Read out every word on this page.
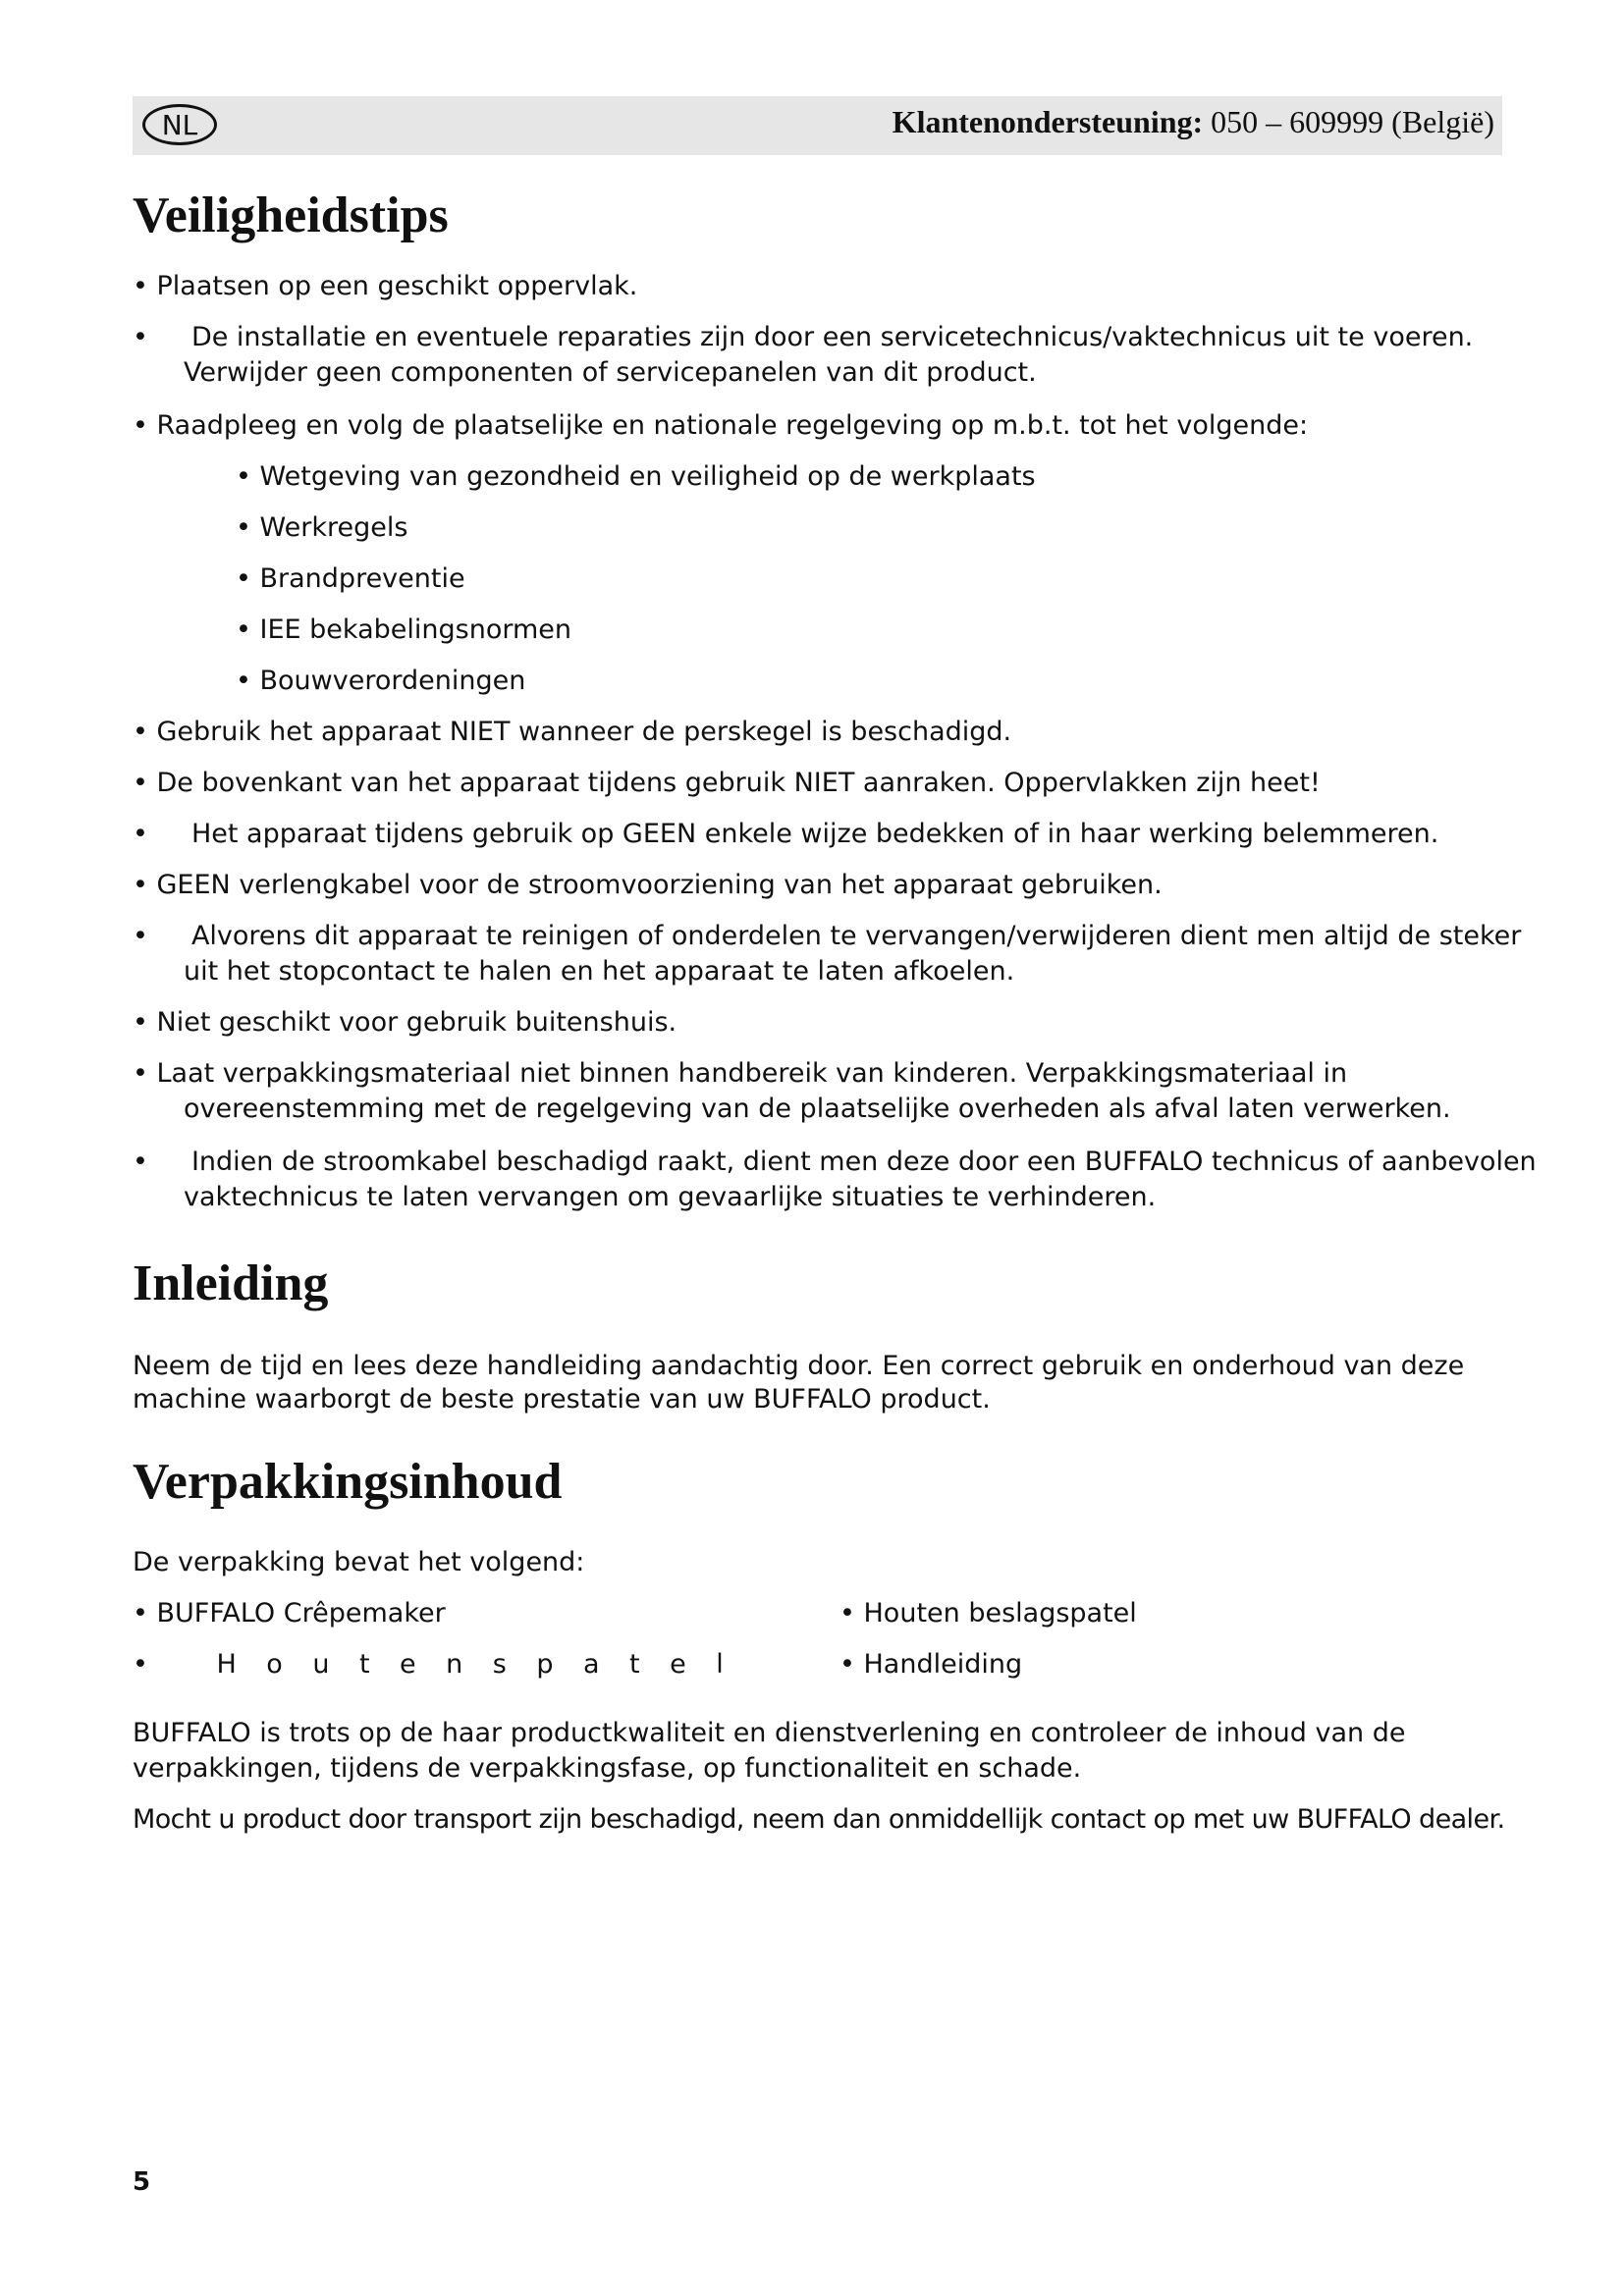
NL	Klantenondersteuning: 050 – 609999 (België)
Veiligheidstips
• Plaatsen op een geschikt oppervlak.
• De installatie en eventuele reparaties zijn door een servicetechnicus/vaktechnicus uit te voeren.
Verwijder geen componenten of servicepanelen van dit product.
• Raadpleeg en volg de plaatselijke en nationale regelgeving op m.b.t. tot het volgende:
• Wetgeving van gezondheid en veiligheid op de werkplaats
• Werkregels
• Brandpreventie
• IEE bekabelingsnormen
• Bouwverordeningen
• Gebruik het apparaat NIET wanneer de perskegel is beschadigd.
• De bovenkant van het apparaat tijdens gebruik NIET aanraken. Oppervlakken zijn heet!
• Het apparaat tijdens gebruik op GEEN enkele wijze bedekken of in haar werking belemmeren.
• GEEN verlengkabel voor de stroomvoorziening van het apparaat gebruiken.
• Alvorens dit apparaat te reinigen of onderdelen te vervangen/verwijderen dient men altijd de steker
uit het stopcontact te halen en het apparaat te laten afkoelen.
• Niet geschikt voor gebruik buitenshuis.
• Laat verpakkingsmateriaal niet binnen handbereik van kinderen. Verpakkingsmateriaal in
overeenstemming met de regelgeving van de plaatselijke overheden als afval laten verwerken.
• Indien de stroomkabel beschadigd raakt, dient men deze door een BUFFALO technicus of aanbevolen
vaktechnicus te laten vervangen om gevaarlijke situaties te verhinderen.
Inleiding
Neem de tijd en lees deze handleiding aandachtig door. Een correct gebruik en onderhoud van deze
machine waarborgt de beste prestatie van uw BUFFALO product.
Verpakkingsinhoud
De verpakking bevat het volgend:
• BUFFALO Crêpemaker	• Houten beslagspatel
• Houtenspatel	• Handleiding
BUFFALO is trots op de haar productkwaliteit en dienstverlening en controleer de inhoud van de
verpakkingen, tijdens de verpakkingsfase, op functionaliteit en schade.
Mocht u product door transport zijn beschadigd, neem dan onmiddellijk contact op met uw BUFFALO dealer.
5
